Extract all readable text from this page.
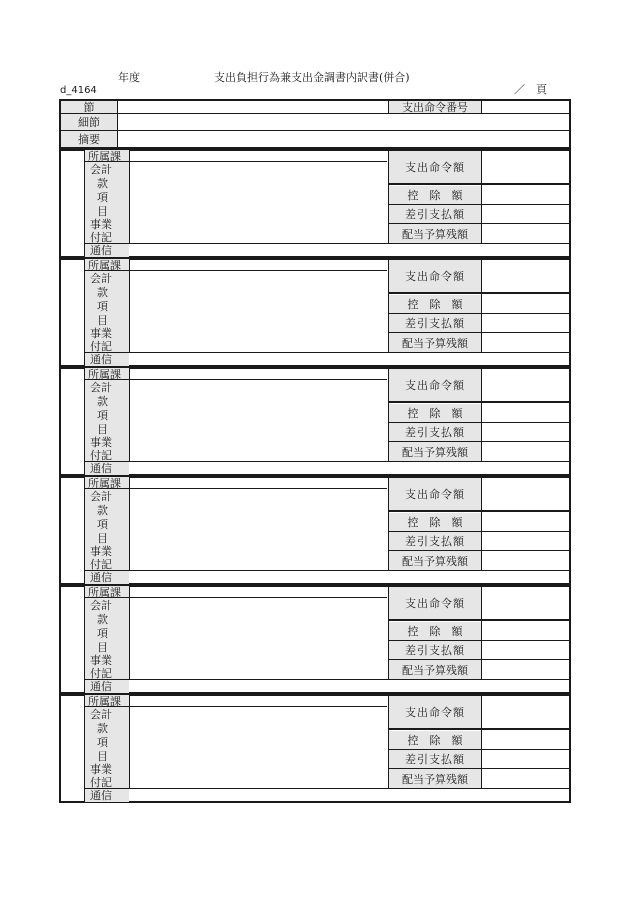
年度	支出負担行為兼支出金調書内訳書(併合)
d_4164	／　頁
節
細節
摘要
支出命令番号
所属課
会計
款
項
目
事業
付記
通信
支出命令額
控　除　額
差引支払額
配当予算残額
所属課
会計
款
項
目
事業
付記
通信
支出命令額
控　除　額
差引支払額
配当予算残額
所属課
会計
款
項
目
事業
付記
通信
支出命令額
控　除　額
差引支払額
配当予算残額
所属課
会計
款
項
目
事業
付記
通信
支出命令額
控　除　額
差引支払額
配当予算残額
所属課
会計
款
項
目
事業
付記
通信
支出命令額
控　除　額
差引支払額
配当予算残額
所属課
会計
款
項
目
事業
付記
通信
支出命令額
控　除　額
差引支払額
配当予算残額
